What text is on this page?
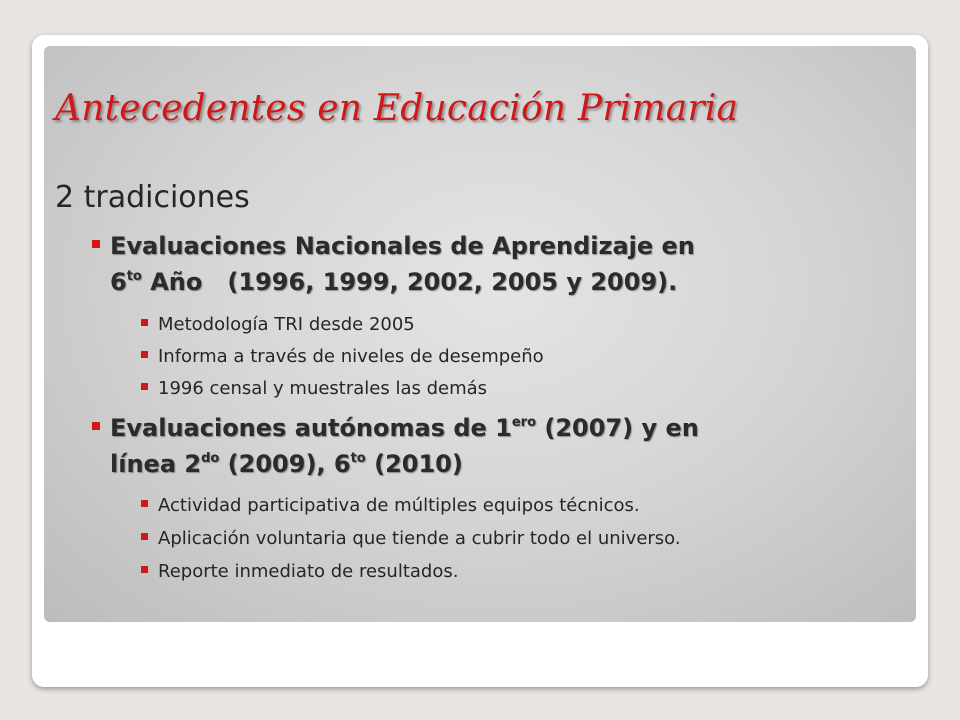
Antecedentes en Educación Primaria
2 tradiciones
Evaluaciones Nacionales de Aprendizaje en
$6^{to}$ Año   (1996, 1999, 2002, 2005 y 2009).
Metodología TRI desde 2005
Informa a través de niveles de desempeño
1996 censal y muestrales las demás
Evaluaciones autónomas de $1^{ero}$ (2007) y en
línea $2^{do}$ (2009), $6^{to}$ (2010)
Actividad participativa de múltiples equipos técnicos.
Aplicación voluntaria que tiende a cubrir todo el universo.
Reporte inmediato de resultados.
